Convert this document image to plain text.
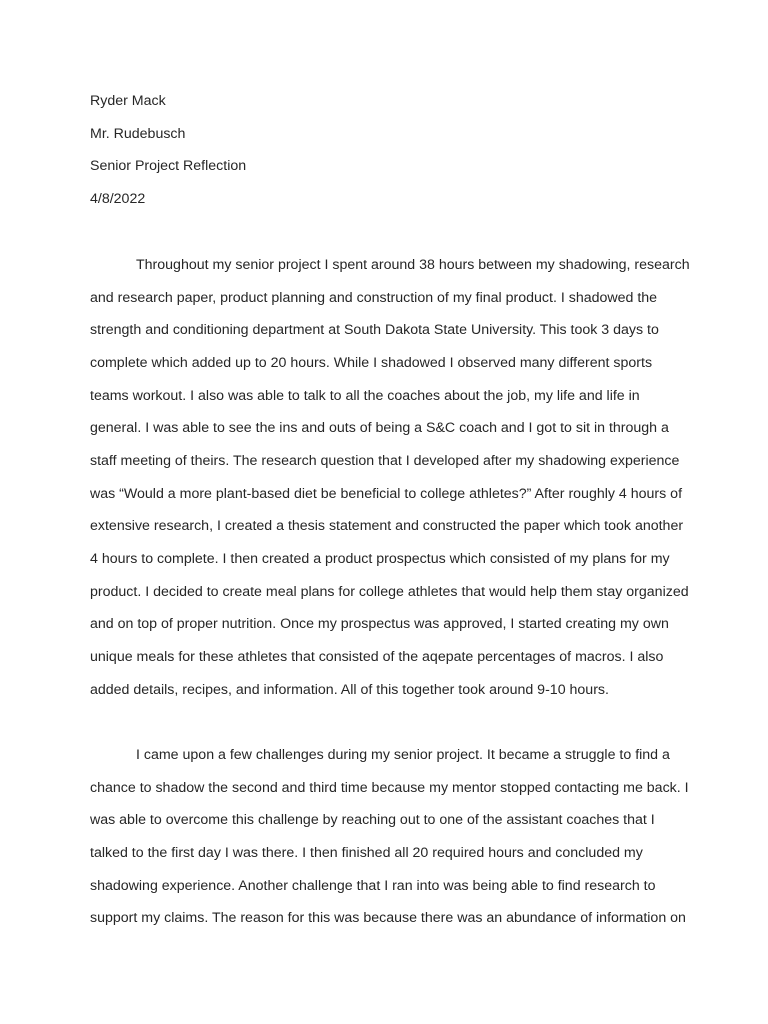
Ryder Mack

Mr. Rudebusch

Senior Project Reflection

4/8/2022

Throughout my senior project I spent around 38 hours between my shadowing, research

and research paper, product planning and construction of my final product. I shadowed the

strength and conditioning department at South Dakota State University. This took 3 days to

complete which added up to 20 hours. While I shadowed I observed many different sports

teams workout. I also was able to talk to all the coaches about the job, my life and life in

general. I was able to see the ins and outs of being a S&C coach and I got to sit in through a

staff meeting of theirs. The research question that I developed after my shadowing experience

was “Would a more plant-based diet be beneficial to college athletes?” After roughly 4 hours of

extensive research, I created a thesis statement and constructed the paper which took another

4 hours to complete. I then created a product prospectus which consisted of my plans for my

product. I decided to create meal plans for college athletes that would help them stay organized

and on top of proper nutrition. Once my prospectus was approved, I started creating my own

unique meals for these athletes that consisted of the aqepate percentages of macros. I also

added details, recipes, and information. All of this together took around 9-10 hours.

I came upon a few challenges during my senior project. It became a struggle to find a

chance to shadow the second and third time because my mentor stopped contacting me back. I

was able to overcome this challenge by reaching out to one of the assistant coaches that I

talked to the first day I was there. I then finished all 20 required hours and concluded my

shadowing experience. Another challenge that I ran into was being able to find research to

support my claims. The reason for this was because there was an abundance of information on
